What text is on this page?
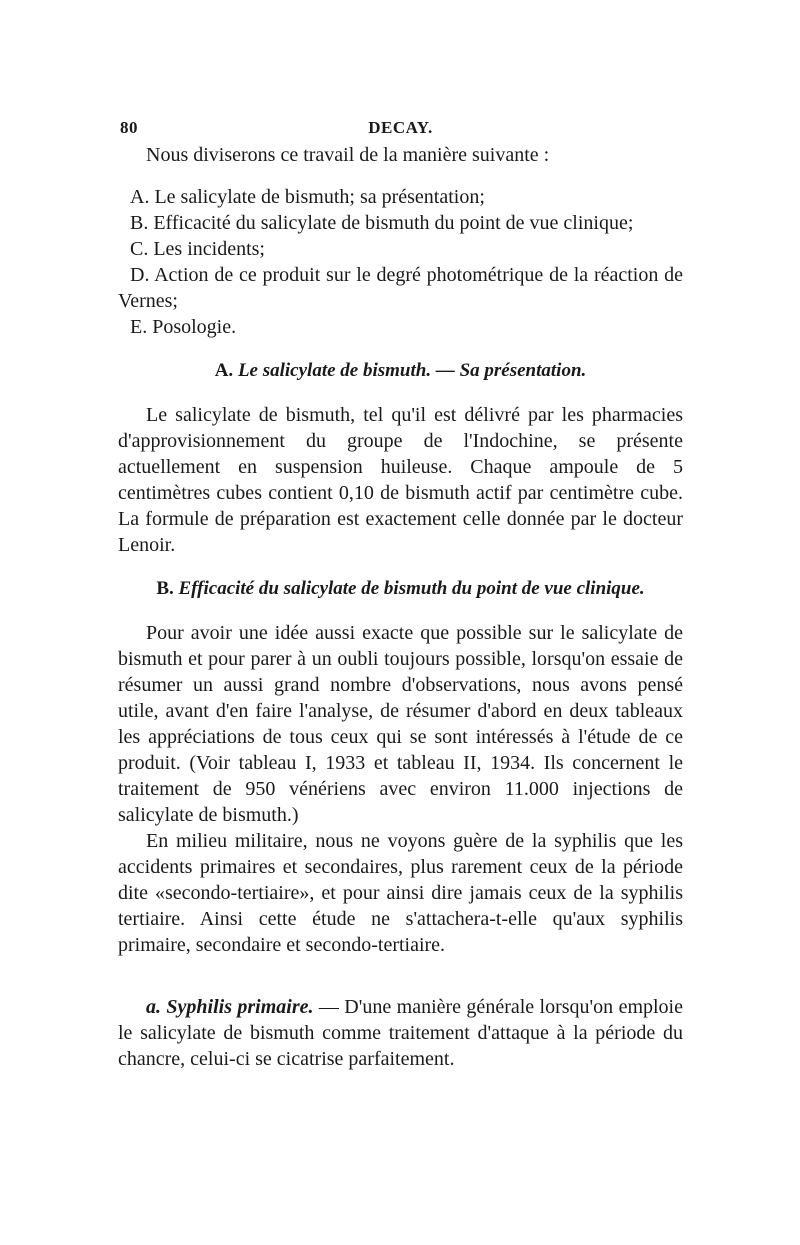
80	DECAY.

Nous diviserons ce travail de la manière suivante :

A. Le salicylate de bismuth; sa présentation;

B. Efficacité du salicylate de bismuth du point de vue clinique;

C. Les incidents;

D. Action de ce produit sur le degré photométrique de la réaction de Vernes;

E. Posologie.

A. Le salicylate de bismuth. — Sa présentation.

Le salicylate de bismuth, tel qu'il est délivré par les pharmacies d'approvisionnement du groupe de l'Indochine, se présente actuellement en suspension huileuse. Chaque ampoule de 5 centimètres cubes contient 0,10 de bismuth actif par centimètre cube. La formule de préparation est exactement celle donnée par le docteur Lenoir.

B. Efficacité du salicylate de bismuth du point de vue clinique.

Pour avoir une idée aussi exacte que possible sur le salicylate de bismuth et pour parer à un oubli toujours possible, lorsqu'on essaie de résumer un aussi grand nombre d'observations, nous avons pensé utile, avant d'en faire l'analyse, de résumer d'abord en deux tableaux les appréciations de tous ceux qui se sont intéressés à l'étude de ce produit. (Voir tableau I, 1933 et tableau II, 1934. Ils concernent le traitement de 950 vénériens avec environ 11.000 injections de salicylate de bismuth.)

En milieu militaire, nous ne voyons guère de la syphilis que les accidents primaires et secondaires, plus rarement ceux de la période dite «secondo-tertiaire», et pour ainsi dire jamais ceux de la syphilis tertiaire. Ainsi cette étude ne s'attachera-t-elle qu'aux syphilis primaire, secondaire et secondo-tertiaire.

a. Syphilis primaire. — D'une manière générale lorsqu'on emploie le salicylate de bismuth comme traitement d'attaque à la période du chancre, celui-ci se cicatrise parfaitement.
